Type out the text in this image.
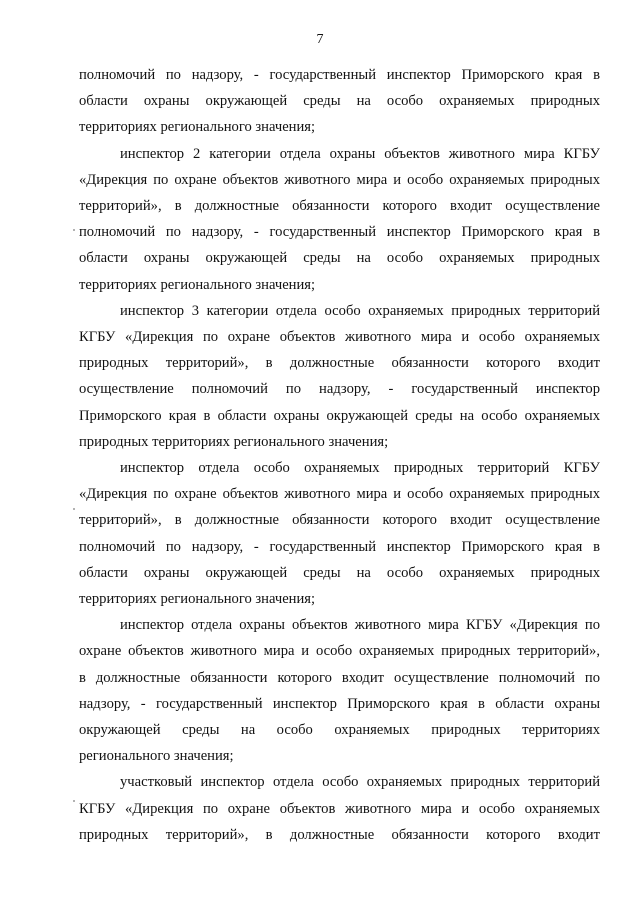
7

полномочий по надзору, - государственный инспектор Приморского края в
области охраны окружающей среды на особо охраняемых природных
территориях регионального значения;

инспектор 2 категории отдела охраны объектов животного мира КГБУ
«Дирекция по охране объектов животного мира и особо охраняемых природных
территорий», в должностные обязанности которого входит осуществление
полномочий по надзору, - государственный инспектор Приморского края в
области охраны окружающей среды на особо охраняемых природных
территориях регионального значения;

инспектор 3 категории отдела особо охраняемых природных территорий
КГБУ «Дирекция по охране объектов животного мира и особо охраняемых
природных территорий», в должностные обязанности которого входит
осуществление полномочий по надзору, - государственный инспектор
Приморского края в области охраны окружающей среды на особо охраняемых
природных территориях регионального значения;

инспектор отдела особо охраняемых природных территорий КГБУ
«Дирекция по охране объектов животного мира и особо охраняемых природных
территорий», в должностные обязанности которого входит осуществление
полномочий по надзору, - государственный инспектор Приморского края в
области охраны окружающей среды на особо охраняемых природных
территориях регионального значения;

инспектор отдела охраны объектов животного мира КГБУ «Дирекция по
охране объектов животного мира и особо охраняемых природных территорий»,
в должностные обязанности которого входит осуществление полномочий по
надзору, - государственный инспектор Приморского края в области охраны
окружающей среды на особо охраняемых природных территориях
регионального значения;

участковый инспектор отдела особо охраняемых природных территорий
КГБУ «Дирекция по охране объектов животного мира и особо охраняемых
природных территорий», в должностные обязанности которого входит
